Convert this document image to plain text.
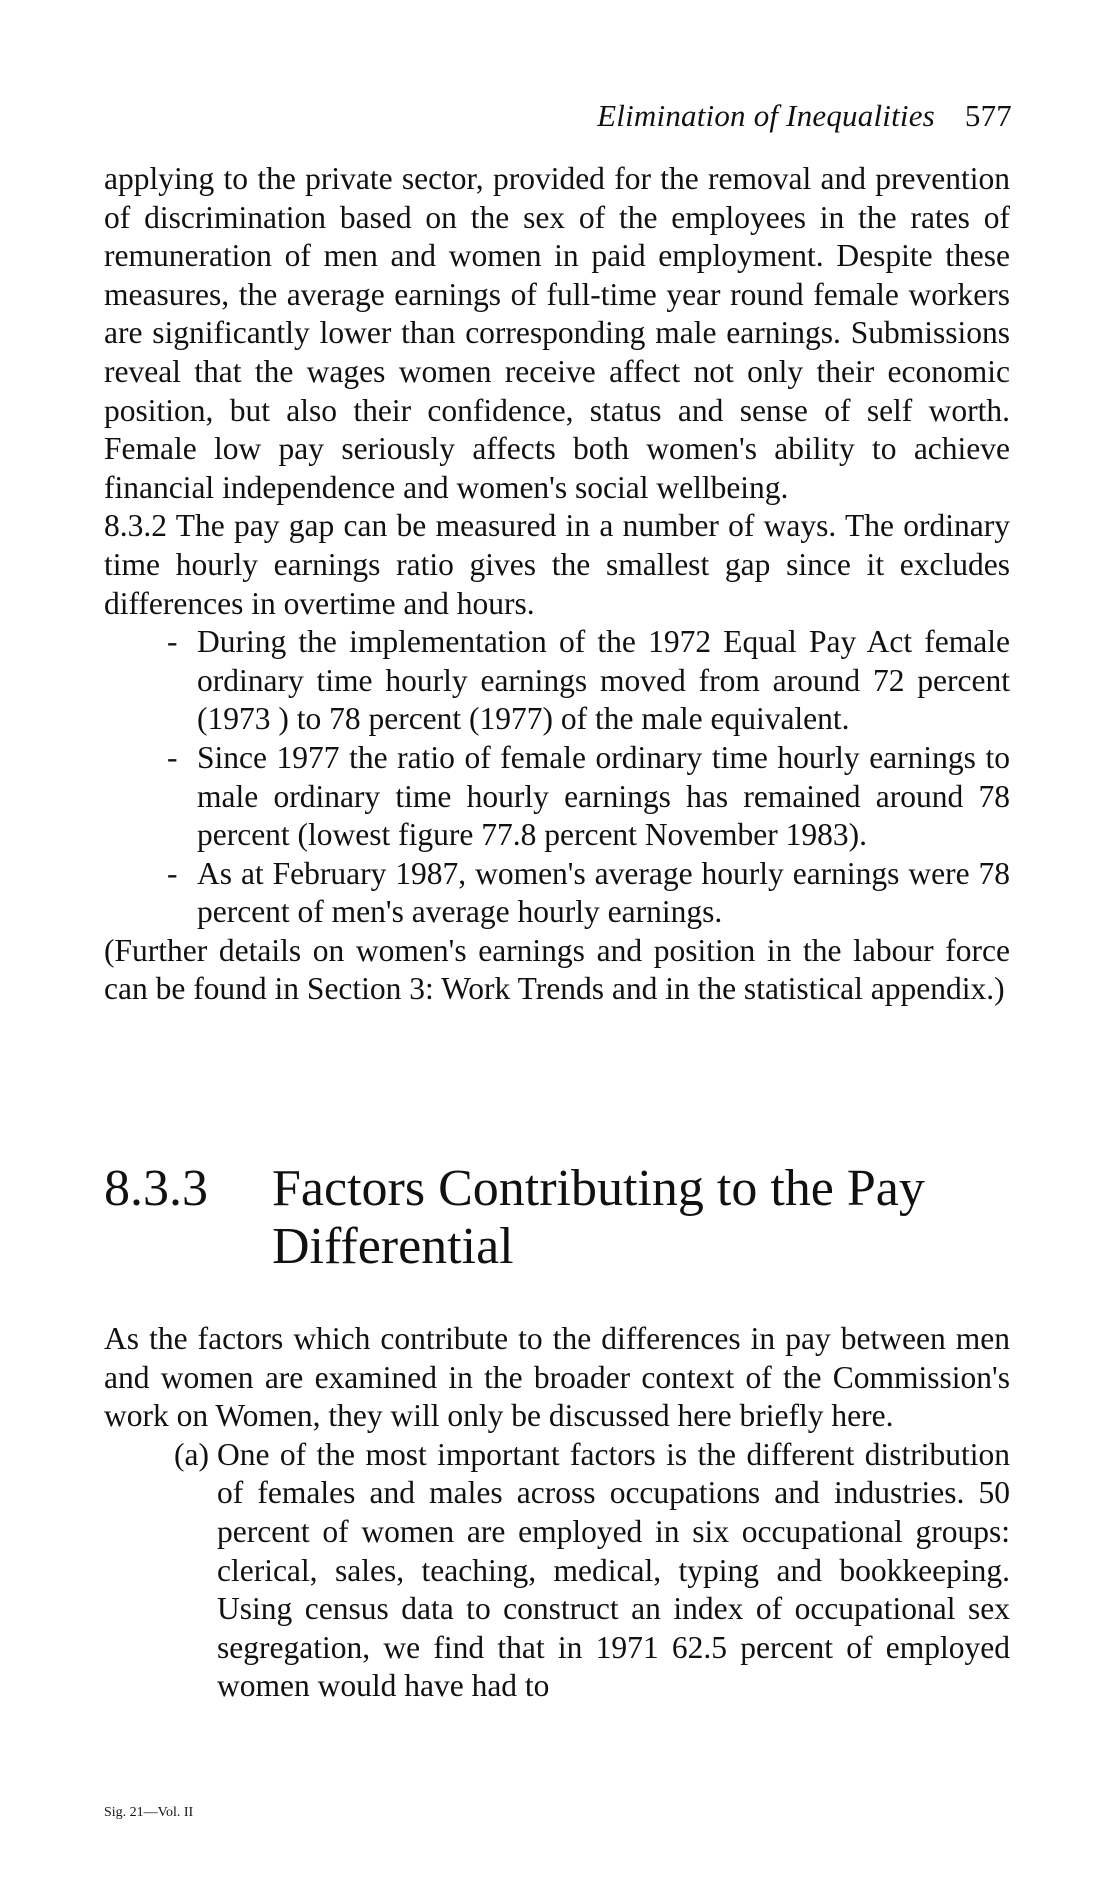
Elimination of Inequalities 577

applying to the private sector, provided for the removal and prevention of discrimination based on the sex of the employees in the rates of remuneration of men and women in paid employment. Despite these measures, the average earnings of full-time year round female workers are significantly lower than corresponding male earnings. Submissions reveal that the wages women receive affect not only their economic position, but also their confidence, status and sense of self worth. Female low pay seriously affects both women's ability to achieve financial independence and women's social wellbeing.

8.3.2 The pay gap can be measured in a number of ways. The ordinary time hourly earnings ratio gives the smallest gap since it excludes differences in overtime and hours.

- During the implementation of the 1972 Equal Pay Act female ordinary time hourly earnings moved from around 72 percent (1973 ) to 78 percent (1977) of the male equivalent.

- Since 1977 the ratio of female ordinary time hourly earnings to male ordinary time hourly earnings has remained around 78 percent (lowest figure 77.8 percent November 1983).

- As at February 1987, women's average hourly earnings were 78 percent of men's average hourly earnings.

(Further details on women's earnings and position in the labour force can be found in Section 3: Work Trends and in the statistical appendix.)

8.3.3 Factors Contributing to the Pay Differential

As the factors which contribute to the differences in pay between men and women are examined in the broader context of the Commission's work on Women, they will only be discussed here briefly here.

(a) One of the most important factors is the different distribution of females and males across occupations and industries. 50 percent of women are employed in six occupational groups: clerical, sales, teaching, medical, typing and bookkeeping. Using census data to construct an index of occupational sex segregation, we find that in 1971 62.5 percent of employed women would have had to

Sig. 21—Vol. II
